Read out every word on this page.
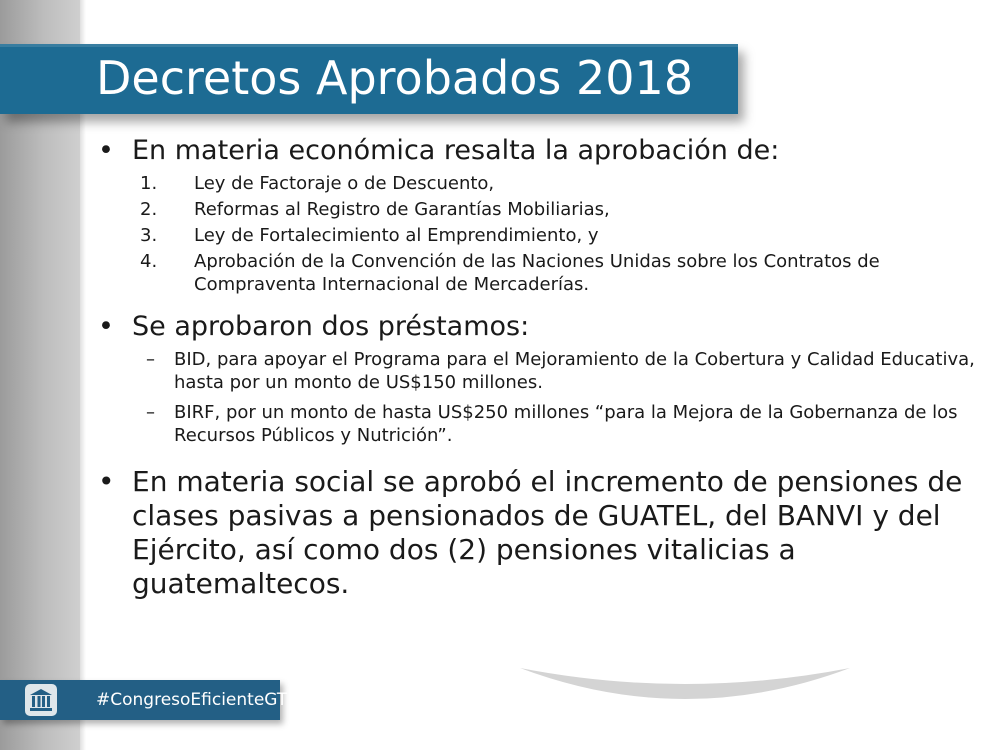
Decretos Aprobados 2018
• En materia económica resalta la aprobación de:
1. Ley de Factoraje o de Descuento,
2. Reformas al Registro de Garantías Mobiliarias,
3. Ley de Fortalecimiento al Emprendimiento, y
4. Aprobación de la Convención de las Naciones Unidas sobre los Contratos de Compraventa Internacional de Mercaderías.
• Se aprobaron dos préstamos:
– BID, para apoyar el Programa para el Mejoramiento de la Cobertura y Calidad Educativa, hasta por un monto de US$150 millones.
– BIRF, por un monto de hasta US$250 millones “para la Mejora de la Gobernanza de los Recursos Públicos y Nutrición”.
• En materia social se aprobó el incremento de pensiones de clases pasivas a pensionados de GUATEL, del BANVI y del Ejército, así como dos (2) pensiones vitalicias a guatemaltecos.
#CongresoEficienteGT
